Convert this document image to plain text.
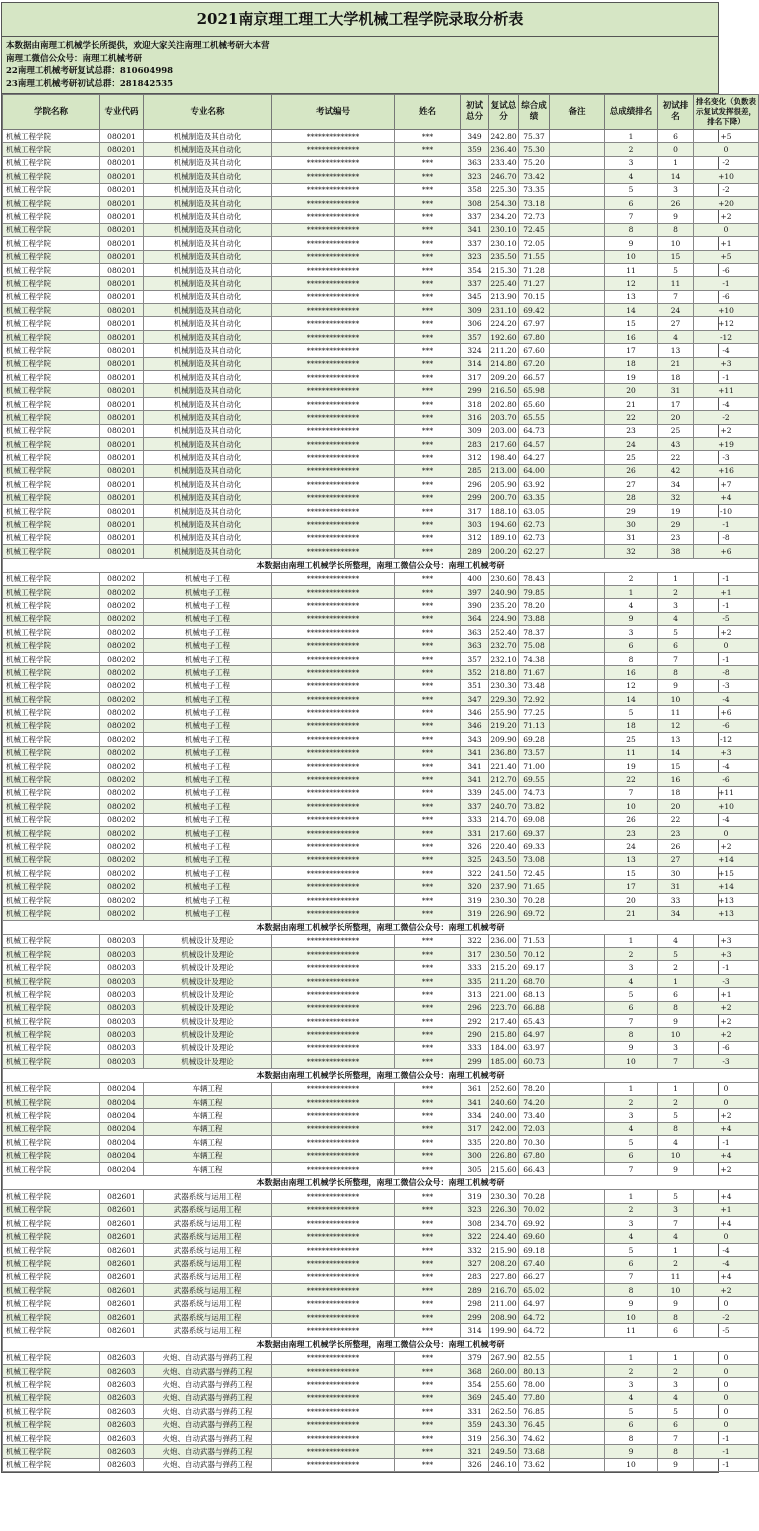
2021南京理工理工大学机械工程学院录取分析表
本数据由南理工机械学长所提供，欢迎大家关注南理工机械考研大本营
南理工微信公众号：南理工机械考研
22南理工机械考研复试总群：810604998
23南理工机械考研初试总群：281842535
学院名称	专业代码	专业名称	考试编号	姓名	初试总分	复试总分	综合成绩	备注	总成绩排名	初试排名	排名变化（负数表示复试发挥很差，排名下降）
机械工程学院	080201	机械制造及其自动化	**************	***	349	242.80	75.37		1	6	+5
机械工程学院	080201	机械制造及其自动化	**************	***	359	236.40	75.30		2	0	0
机械工程学院	080201	机械制造及其自动化	**************	***	363	233.40	75.20		3	1	-2
机械工程学院	080201	机械制造及其自动化	**************	***	323	246.70	73.42		4	14	+10
机械工程学院	080201	机械制造及其自动化	**************	***	358	225.30	73.35		5	3	-2
机械工程学院	080201	机械制造及其自动化	**************	***	308	254.30	73.18		6	26	+20
机械工程学院	080201	机械制造及其自动化	**************	***	337	234.20	72.73		7	9	+2
机械工程学院	080201	机械制造及其自动化	**************	***	341	230.10	72.45		8	8	0
机械工程学院	080201	机械制造及其自动化	**************	***	337	230.10	72.05		9	10	+1
机械工程学院	080201	机械制造及其自动化	**************	***	323	235.50	71.55		10	15	+5
机械工程学院	080201	机械制造及其自动化	**************	***	354	215.30	71.28		11	5	-6
机械工程学院	080201	机械制造及其自动化	**************	***	337	225.40	71.27		12	11	-1
机械工程学院	080201	机械制造及其自动化	**************	***	345	213.90	70.15		13	7	-6
机械工程学院	080201	机械制造及其自动化	**************	***	309	231.10	69.42		14	24	+10
机械工程学院	080201	机械制造及其自动化	**************	***	306	224.20	67.97		15	27	+12
机械工程学院	080201	机械制造及其自动化	**************	***	357	192.60	67.80		16	4	-12
机械工程学院	080201	机械制造及其自动化	**************	***	324	211.20	67.60		17	13	-4
机械工程学院	080201	机械制造及其自动化	**************	***	314	214.80	67.20		18	21	+3
机械工程学院	080201	机械制造及其自动化	**************	***	317	209.20	66.57		19	18	-1
机械工程学院	080201	机械制造及其自动化	**************	***	299	216.50	65.98		20	31	+11
机械工程学院	080201	机械制造及其自动化	**************	***	318	202.80	65.60		21	17	-4
机械工程学院	080201	机械制造及其自动化	**************	***	316	203.70	65.55		22	20	-2
机械工程学院	080201	机械制造及其自动化	**************	***	309	203.00	64.73		23	25	+2
机械工程学院	080201	机械制造及其自动化	**************	***	283	217.60	64.57		24	43	+19
机械工程学院	080201	机械制造及其自动化	**************	***	312	198.40	64.27		25	22	-3
机械工程学院	080201	机械制造及其自动化	**************	***	285	213.00	64.00		26	42	+16
机械工程学院	080201	机械制造及其自动化	**************	***	296	205.90	63.92		27	34	+7
机械工程学院	080201	机械制造及其自动化	**************	***	299	200.70	63.35		28	32	+4
机械工程学院	080201	机械制造及其自动化	**************	***	317	188.10	63.05		29	19	-10
机械工程学院	080201	机械制造及其自动化	**************	***	303	194.60	62.73		30	29	-1
机械工程学院	080201	机械制造及其自动化	**************	***	312	189.10	62.73		31	23	-8
机械工程学院	080201	机械制造及其自动化	**************	***	289	200.20	62.27		32	38	+6
本数据由南理工机械学长所整理，南理工微信公众号：南理工机械考研											
机械工程学院	080202	机械电子工程	**************	***	400	230.60	78.43		2	1	-1
机械工程学院	080202	机械电子工程	**************	***	397	240.90	79.85		1	2	+1
机械工程学院	080202	机械电子工程	**************	***	390	235.20	78.20		4	3	-1
机械工程学院	080202	机械电子工程	**************	***	364	224.90	73.88		9	4	-5
机械工程学院	080202	机械电子工程	**************	***	363	252.40	78.37		3	5	+2
机械工程学院	080202	机械电子工程	**************	***	363	232.70	75.08		6	6	0
机械工程学院	080202	机械电子工程	**************	***	357	232.10	74.38		8	7	-1
机械工程学院	080202	机械电子工程	**************	***	352	218.80	71.67		16	8	-8
机械工程学院	080202	机械电子工程	**************	***	351	230.30	73.48		12	9	-3
机械工程学院	080202	机械电子工程	**************	***	347	229.30	72.92		14	10	-4
机械工程学院	080202	机械电子工程	**************	***	346	255.90	77.25		5	11	+6
机械工程学院	080202	机械电子工程	**************	***	346	219.20	71.13		18	12	-6
机械工程学院	080202	机械电子工程	**************	***	343	209.90	69.28		25	13	-12
机械工程学院	080202	机械电子工程	**************	***	341	236.80	73.57		11	14	+3
机械工程学院	080202	机械电子工程	**************	***	341	221.40	71.00		19	15	-4
机械工程学院	080202	机械电子工程	**************	***	341	212.70	69.55		22	16	-6
机械工程学院	080202	机械电子工程	**************	***	339	245.00	74.73		7	18	+11
机械工程学院	080202	机械电子工程	**************	***	337	240.70	73.82		10	20	+10
机械工程学院	080202	机械电子工程	**************	***	333	214.70	69.08		26	22	-4
机械工程学院	080202	机械电子工程	**************	***	331	217.60	69.37		23	23	0
机械工程学院	080202	机械电子工程	**************	***	326	220.40	69.33		24	26	+2
机械工程学院	080202	机械电子工程	**************	***	325	243.50	73.08		13	27	+14
机械工程学院	080202	机械电子工程	**************	***	322	241.50	72.45		15	30	+15
机械工程学院	080202	机械电子工程	**************	***	320	237.90	71.65		17	31	+14
机械工程学院	080202	机械电子工程	**************	***	319	230.30	70.28		20	33	+13
机械工程学院	080202	机械电子工程	**************	***	319	226.90	69.72		21	34	+13
本数据由南理工机械学长所整理，南理工微信公众号：南理工机械考研											
机械工程学院	080203	机械设计及理论	**************	***	322	236.00	71.53		1	4	+3
机械工程学院	080203	机械设计及理论	**************	***	317	230.50	70.12		2	5	+3
机械工程学院	080203	机械设计及理论	**************	***	333	215.20	69.17		3	2	-1
机械工程学院	080203	机械设计及理论	**************	***	335	211.20	68.70		4	1	-3
机械工程学院	080203	机械设计及理论	**************	***	313	221.00	68.13		5	6	+1
机械工程学院	080203	机械设计及理论	**************	***	296	223.70	66.88		6	8	+2
机械工程学院	080203	机械设计及理论	**************	***	292	217.40	65.43		7	9	+2
机械工程学院	080203	机械设计及理论	**************	***	290	215.80	64.97		8	10	+2
机械工程学院	080203	机械设计及理论	**************	***	333	184.00	63.97		9	3	-6
机械工程学院	080203	机械设计及理论	**************	***	299	185.00	60.73		10	7	-3
本数据由南理工机械学长所整理，南理工微信公众号：南理工机械考研											
机械工程学院	080204	车辆工程	**************	***	361	252.60	78.20		1	1	0
机械工程学院	080204	车辆工程	**************	***	341	240.60	74.20		2	2	0
机械工程学院	080204	车辆工程	**************	***	334	240.00	73.40		3	5	+2
机械工程学院	080204	车辆工程	**************	***	317	242.00	72.03		4	8	+4
机械工程学院	080204	车辆工程	**************	***	335	220.80	70.30		5	4	-1
机械工程学院	080204	车辆工程	**************	***	300	226.80	67.80		6	10	+4
机械工程学院	080204	车辆工程	**************	***	305	215.60	66.43		7	9	+2
本数据由南理工机械学长所整理，南理工微信公众号：南理工机械考研											
机械工程学院	082601	武器系统与运用工程	**************	***	319	230.30	70.28		1	5	+4
机械工程学院	082601	武器系统与运用工程	**************	***	323	226.30	70.02		2	3	+1
机械工程学院	082601	武器系统与运用工程	**************	***	308	234.70	69.92		3	7	+4
机械工程学院	082601	武器系统与运用工程	**************	***	322	224.40	69.60		4	4	0
机械工程学院	082601	武器系统与运用工程	**************	***	332	215.90	69.18		5	1	-4
机械工程学院	082601	武器系统与运用工程	**************	***	327	208.20	67.40		6	2	-4
机械工程学院	082601	武器系统与运用工程	**************	***	283	227.80	66.27		7	11	+4
机械工程学院	082601	武器系统与运用工程	**************	***	289	216.70	65.02		8	10	+2
机械工程学院	082601	武器系统与运用工程	**************	***	298	211.00	64.97		9	9	0
机械工程学院	082601	武器系统与运用工程	**************	***	299	208.90	64.72		10	8	-2
机械工程学院	082601	武器系统与运用工程	**************	***	314	199.90	64.72		11	6	-5
本数据由南理工机械学长所整理，南理工微信公众号：南理工机械考研											
机械工程学院	082603	火炮、自动武器与弹药工程	**************	***	379	267.90	82.55		1	1	0
机械工程学院	082603	火炮、自动武器与弹药工程	**************	***	368	260.00	80.13		2	2	0
机械工程学院	082603	火炮、自动武器与弹药工程	**************	***	354	255.60	78.00		3	3	0
机械工程学院	082603	火炮、自动武器与弹药工程	**************	***	369	245.40	77.80		4	4	0
机械工程学院	082603	火炮、自动武器与弹药工程	**************	***	331	262.50	76.85		5	5	0
机械工程学院	082603	火炮、自动武器与弹药工程	**************	***	359	243.30	76.45		6	6	0
机械工程学院	082603	火炮、自动武器与弹药工程	**************	***	319	256.30	74.62		8	7	-1
机械工程学院	082603	火炮、自动武器与弹药工程	**************	***	321	249.50	73.68		9	8	-1
机械工程学院	082603	火炮、自动武器与弹药工程	**************	***	326	246.10	73.62		10	9	-1
